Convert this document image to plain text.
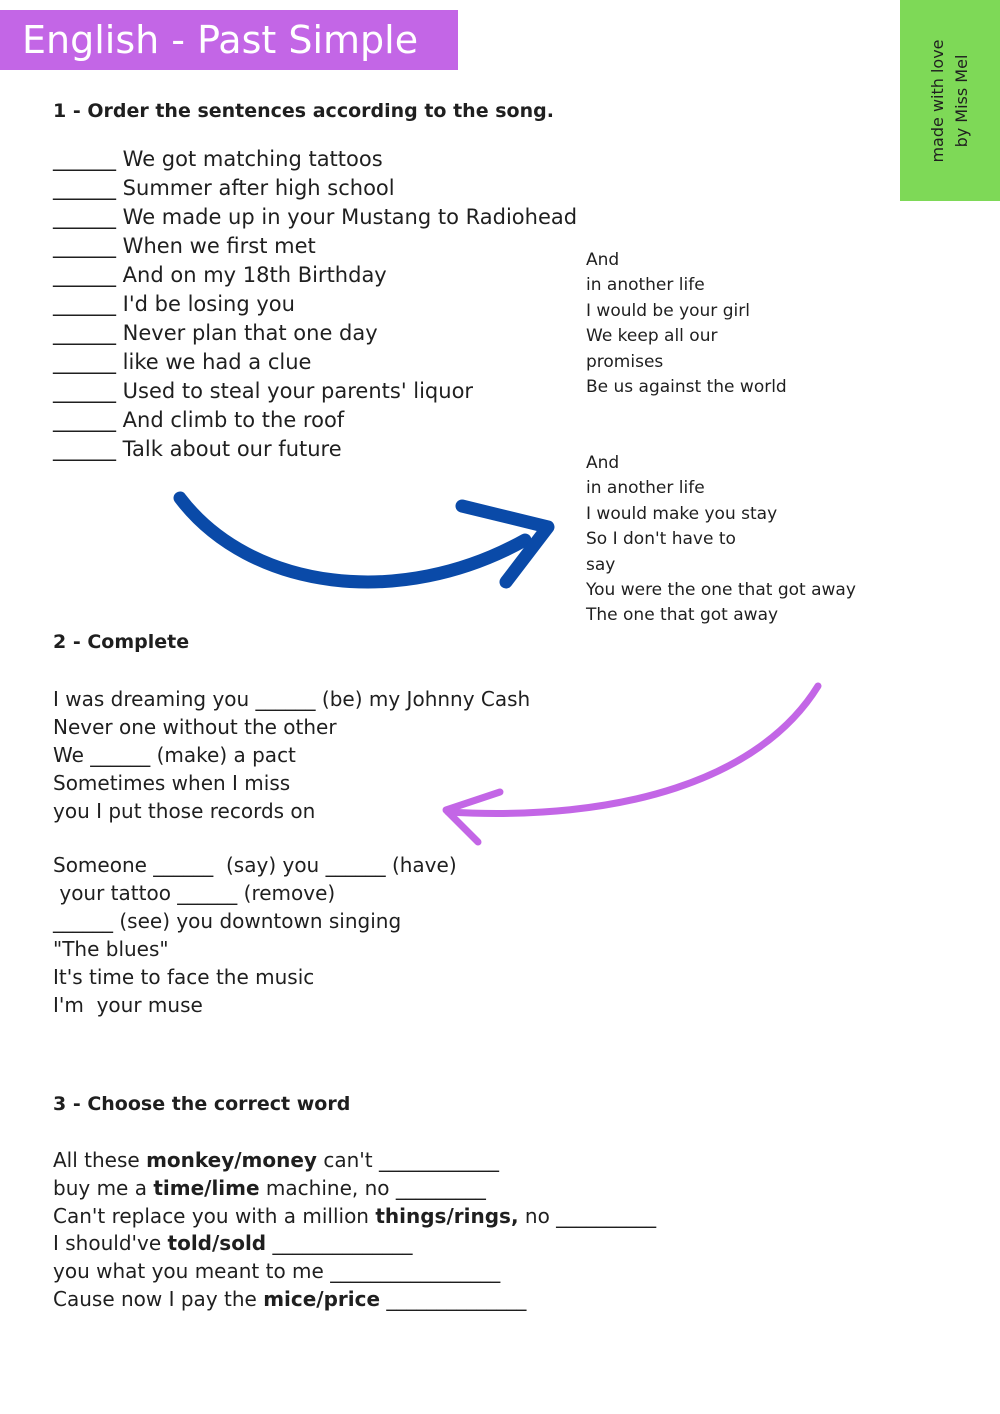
English - Past Simple	made with love by Miss Mel
1 - Order the sentences according to the song.
______ We got matching tattoos
______ Summer after high school
______ We made up in your Mustang to Radiohead
______ When we first met
______ And on my 18th Birthday
______ I'd be losing you
______ Never plan that one day
______ like we had a clue
______ Used to steal your parents' liquor
______ And climb to the roof
______ Talk about our future
And
in another life
I would be your girl
We keep all our
promises
Be us against the world
And
in another life
I would make you stay
So I don't have to
say
You were the one that got away
The one that got away
2 - Complete
I was dreaming you ______ (be) my Johnny Cash
Never one without the other
We ______ (make) a pact
Sometimes when I miss
you I put those records on
Someone ______  (say) you ______ (have)
your tattoo ______ (remove)
______ (see) you downtown singing
"The blues"
It's time to face the music
I'm  your muse
3 - Choose the correct word
All these monkey/money can't ____________
buy me a time/lime machine, no _________
Can't replace you with a million things/rings, no __________
I should've told/sold ______________
you what you meant to me _________________
Cause now I pay the mice/price ______________
